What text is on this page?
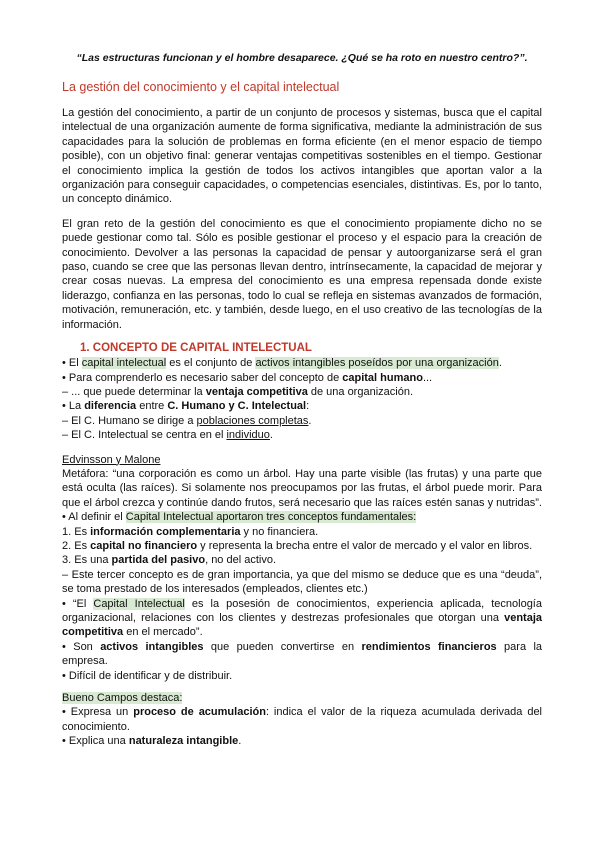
“Las estructuras funcionan y el hombre desaparece. ¿Qué se ha roto en nuestro centro?”.
La gestión del conocimiento y el capital intelectual

La gestión del conocimiento, a partir de un conjunto de procesos y sistemas, busca que el capital intelectual de una organización aumente de forma significativa, mediante la administración de sus capacidades para la solución de problemas en forma eficiente (en el menor espacio de tiempo posible), con un objetivo final: generar ventajas competitivas sostenibles en el tiempo. Gestionar el conocimiento implica la gestión de todos los activos intangibles que aportan valor a la organización para conseguir capacidades, o competencias esenciales, distintivas. Es, por lo tanto, un concepto dinámico.

El gran reto de la gestión del conocimiento es que el conocimiento propiamente dicho no se puede gestionar como tal. Sólo es posible gestionar el proceso y el espacio para la creación de conocimiento. Devolver a las personas la capacidad de pensar y autoorganizarse será el gran paso, cuando se cree que las personas llevan dentro, intrínsecamente, la capacidad de mejorar y crear cosas nuevas. La empresa del conocimiento es una empresa repensada donde existe liderazgo, confianza en las personas, todo lo cual se refleja en sistemas avanzados de formación, motivación, remuneración, etc. y también, desde luego, en el uso creativo de las tecnologías de la información.

1. CONCEPTO DE CAPITAL INTELECTUAL
• El capital intelectual es el conjunto de activos intangibles poseídos por una organización.
• Para comprenderlo es necesario saber del concepto de capital humano...
– ... que puede determinar la ventaja competitiva de una organización.
• La diferencia entre C. Humano y C. Intelectual:
– El C. Humano se dirige a poblaciones completas.
– El C. Intelectual se centra en el individuo.
Edvinsson y Malone
Metáfora: “una corporación es como un árbol. Hay una parte visible (las frutas) y una parte que está oculta (las raíces). Si solamente nos preocupamos por las frutas, el árbol puede morir. Para que el árbol crezca y continúe dando frutos, será necesario que las raíces estén sanas y nutridas”.
• Al definir el Capital Intelectual aportaron tres conceptos fundamentales:
1. Es información complementaria y no financiera.
2. Es capital no financiero y representa la brecha entre el valor de mercado y el valor en libros.
3. Es una partida del pasivo, no del activo.
– Este tercer concepto es de gran importancia, ya que del mismo se deduce que es una “deuda”, se toma prestado de los interesados (empleados, clientes etc.)
• “El Capital Intelectual es la posesión de conocimientos, experiencia aplicada, tecnología organizacional, relaciones con los clientes y destrezas profesionales que otorgan una ventaja competitiva en el mercado”.
• Son activos intangibles que pueden convertirse en rendimientos financieros para la empresa.
• Difícil de identificar y de distribuir.
Bueno Campos destaca:
• Expresa un proceso de acumulación: indica el valor de la riqueza acumulada derivada del conocimiento.
• Explica una naturaleza intangible.
